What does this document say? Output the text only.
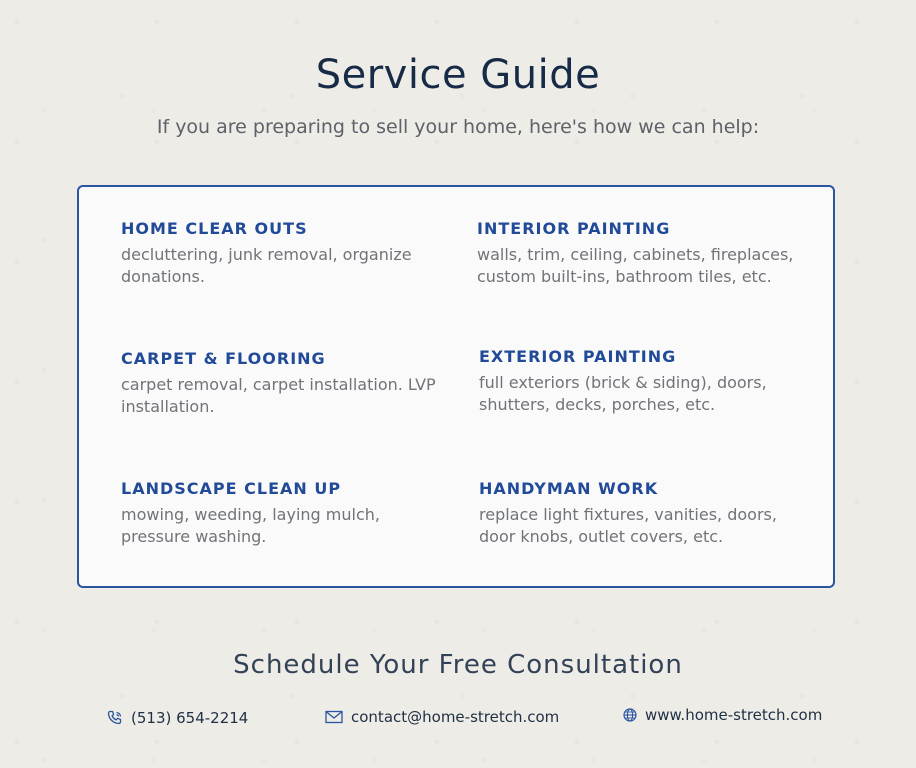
Service Guide

If you are preparing to sell your home, here's how we can help:

HOME CLEAR OUTS

decluttering, junk removal, organize donations.

INTERIOR PAINTING

walls, trim, ceiling, cabinets, fireplaces, custom built-ins, bathroom tiles, etc.

CARPET & FLOORING

carpet removal, carpet installation. LVP installation.

EXTERIOR PAINTING

full exteriors (brick & siding), doors, shutters, decks, porches, etc.

LANDSCAPE CLEAN UP

mowing, weeding, laying mulch, pressure washing.

HANDYMAN WORK

replace light fixtures, vanities, doors, door knobs, outlet covers, etc.

Schedule Your Free Consultation
(513) 654-2214	contact@home-stretch.com	www.home-stretch.com
